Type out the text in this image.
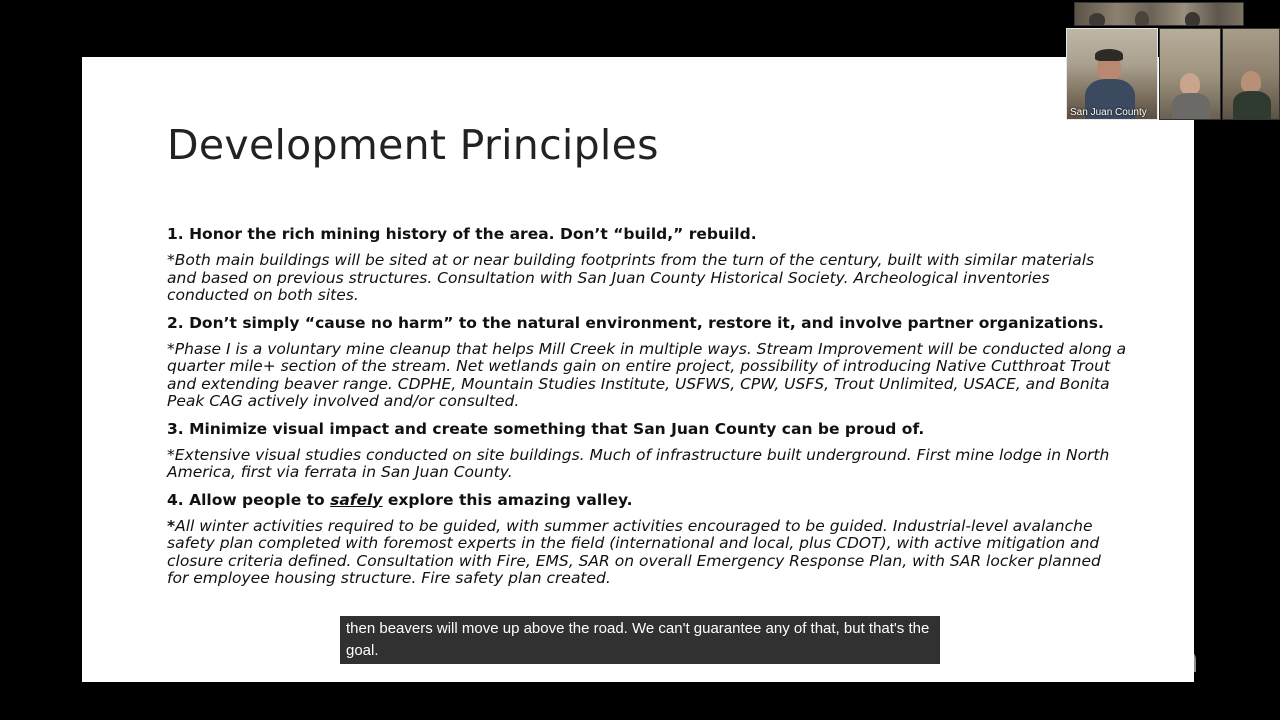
Development Principles

1. Honor the rich mining history of the area. Don’t “build,” rebuild.

*Both main buildings will be sited at or near building footprints from the turn of the century, built with similar materials and based on previous structures. Consultation with San Juan County Historical Society. Archeological inventories conducted on both sites.

2. Don’t simply “cause no harm” to the natural environment, restore it, and involve partner organizations.

*Phase I is a voluntary mine cleanup that helps Mill Creek in multiple ways. Stream Improvement will be conducted along a quarter mile+ section of the stream. Net wetlands gain on entire project, possibility of introducing Native Cutthroat Trout and extending beaver range. CDPHE, Mountain Studies Institute, USFWS, CPW, USFS, Trout Unlimited, USACE, and Bonita Peak CAG actively involved and/or consulted.

3. Minimize visual impact and create something that San Juan County can be proud of.

*Extensive visual studies conducted on site buildings. Much of infrastructure built underground. First mine lodge in North America, first via ferrata in San Juan County.

4. Allow people to safely explore this amazing valley.

*All winter activities required to be guided, with summer activities encouraged to be guided. Industrial-level avalanche safety plan completed with foremost experts in the field (international and local, plus CDOT), with active mitigation and closure criteria defined. Consultation with Fire, EMS, SAR on overall Emergency Response Plan, with SAR locker planned for employee housing structure. Fire safety plan created.

then beavers will move up above the road. We can't guarantee any of that, but that's the goal.	zoom
San Juan County
